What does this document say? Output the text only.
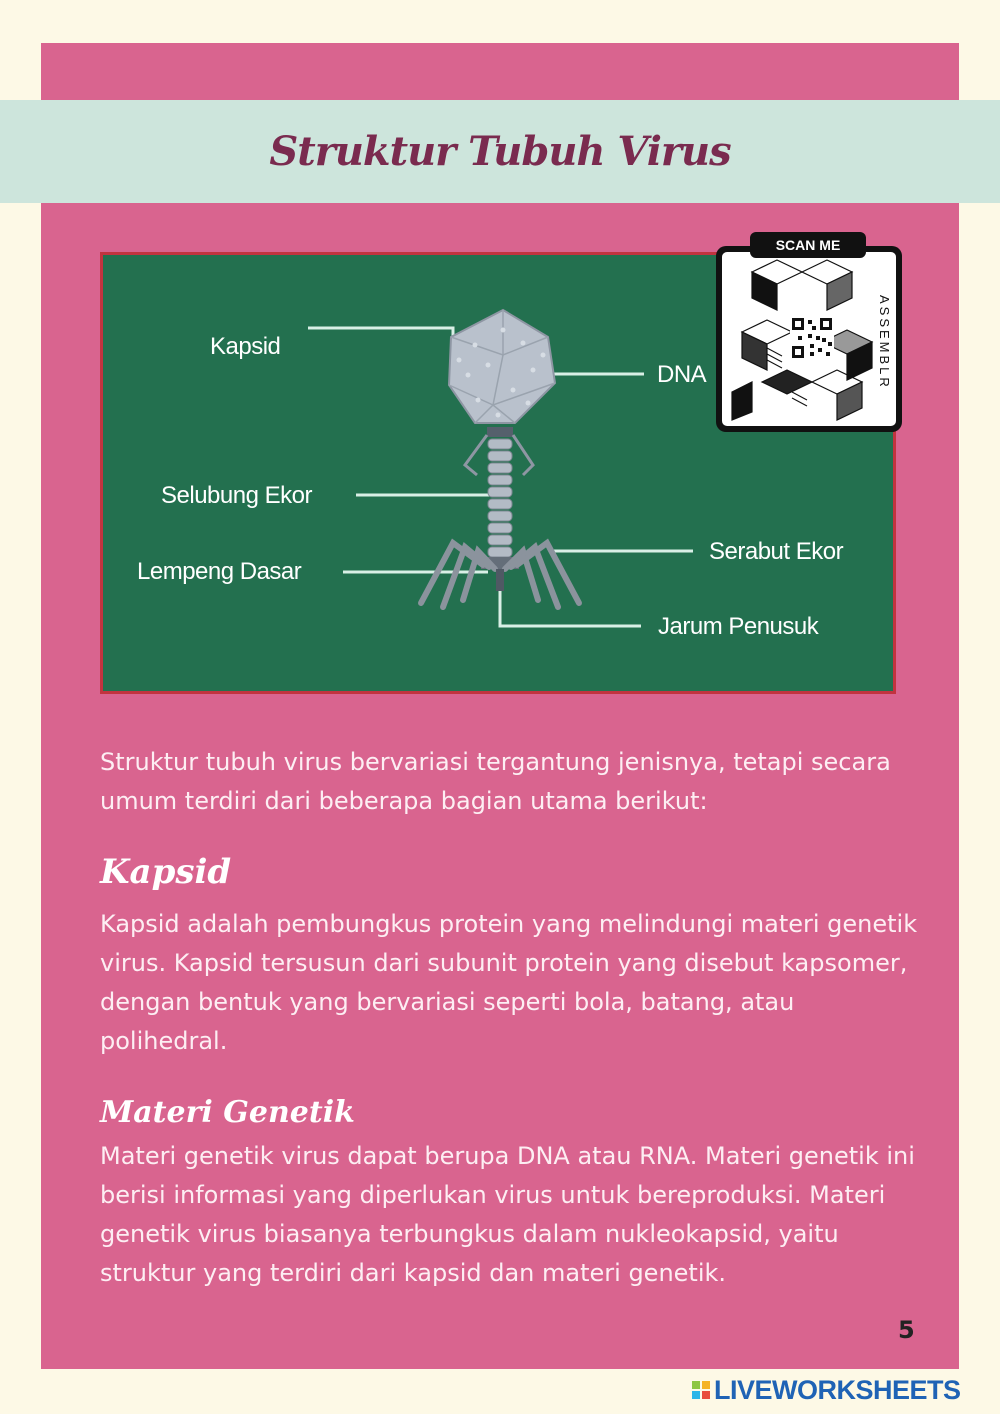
Struktur Tubuh Virus
Kapsid
DNA
Selubung Ekor
Lempeng Dasar
Serabut Ekor
Jarum Penusuk
ASSEMBLR
SCAN ME

Struktur tubuh virus bervariasi tergantung jenisnya, tetapi secara umum terdiri dari beberapa bagian utama berikut:

Kapsid

Kapsid adalah pembungkus protein yang melindungi materi genetik virus. Kapsid tersusun dari subunit protein yang disebut kapsomer, dengan bentuk yang bervariasi seperti bola, batang, atau polihedral.

Materi Genetik

Materi genetik virus dapat berupa DNA atau RNA. Materi genetik ini berisi informasi yang diperlukan virus untuk bereproduksi. Materi genetik virus biasanya terbungkus dalam nukleokapsid, yaitu struktur yang terdiri dari kapsid dan materi genetik.

5
LIVEWORKSHEETS
